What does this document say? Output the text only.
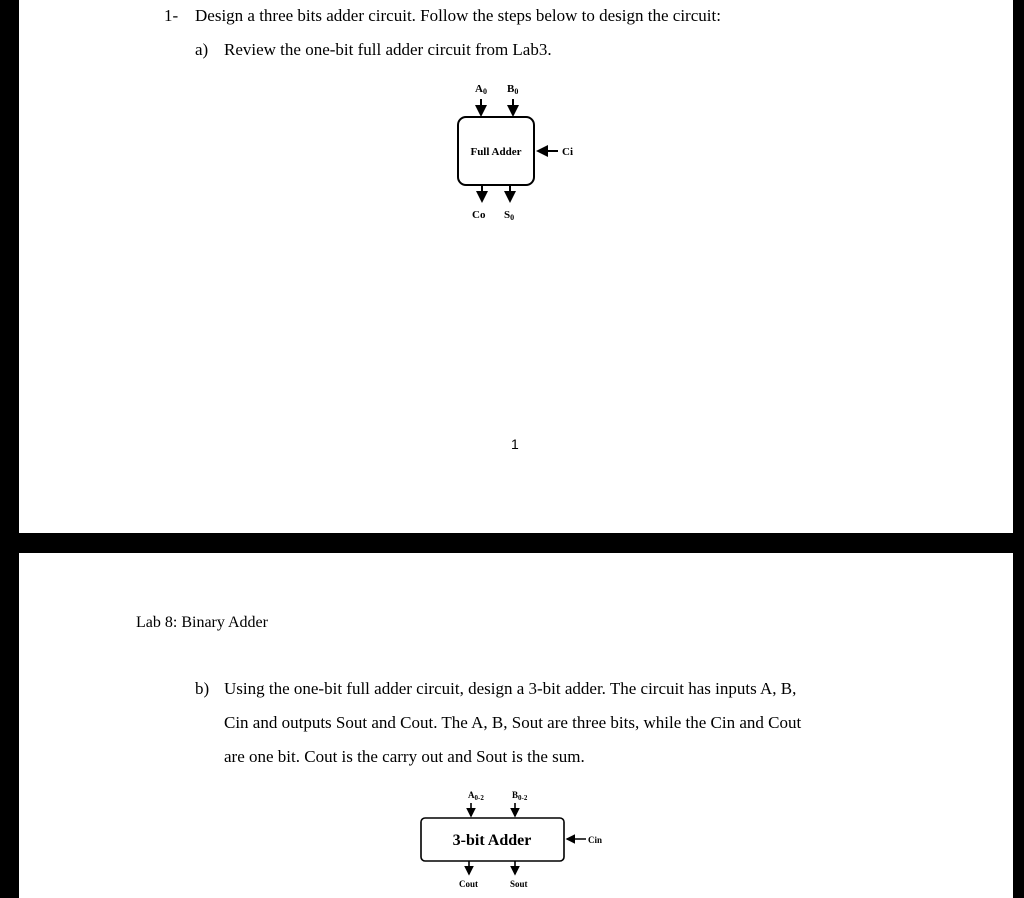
1- Design a three bits adder circuit. Follow the steps below to design the circuit:
a) Review the one-bit full adder circuit from Lab3.
A0 B0
Full Adder	Ci
Co S0
1
Lab 8: Binary Adder
b) Using the one-bit full adder circuit, design a 3-bit adder. The circuit has inputs A, B,
Cin and outputs Sout and Cout. The A, B, Sout are three bits, while the Cin and Cout
are one bit. Cout is the carry out and Sout is the sum.
$A_{0-2}$	$B_{0-2}$
3-bit Adder	Cin
Cout	Sout
